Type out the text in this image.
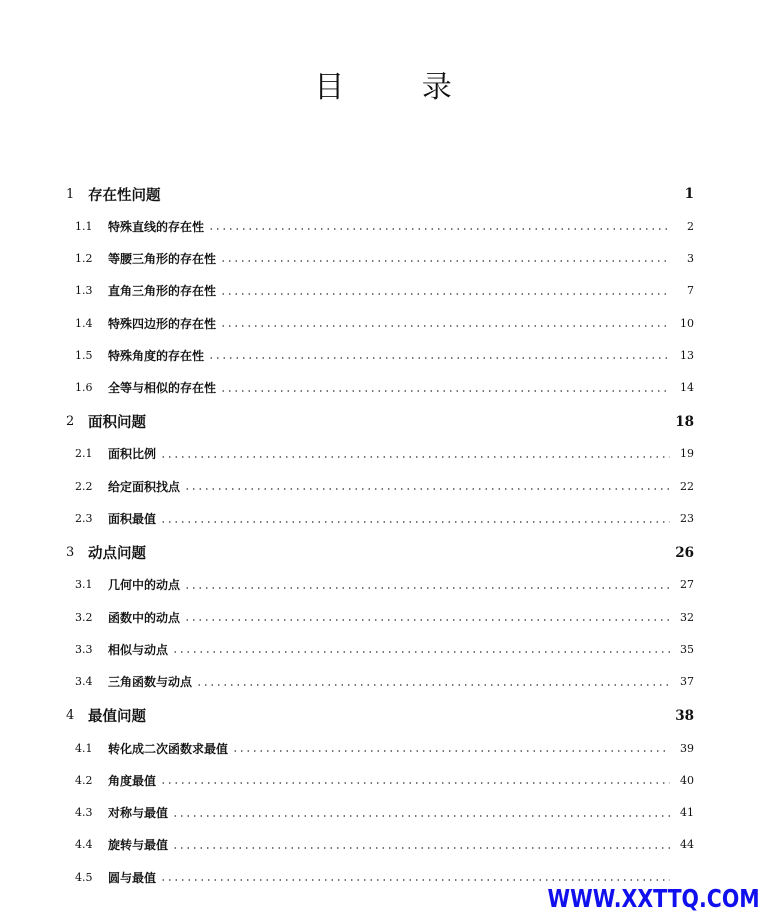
目 录
1 存在性问题	1
1.1	特殊直线的存在性	2
1.2	等腰三角形的存在性	3
1.3	直角三角形的存在性	7
1.4	特殊四边形的存在性	10
1.5	特殊角度的存在性	13
1.6	全等与相似的存在性	14
2 面积问题	18
2.1	面积比例	19
2.2	给定面积找点	22
2.3	面积最值	23
3 动点问题	26
3.1	几何中的动点	27
3.2	函数中的动点	32
3.3	相似与动点	35
3.4	三角函数与动点	37
4 最值问题	38
4.1	转化成二次函数求最值	39
4.2	角度最值	40
4.3	对称与最值	41
4.4	旋转与最值	44
4.5	圆与最值
WWW.XXTTQ.COM
